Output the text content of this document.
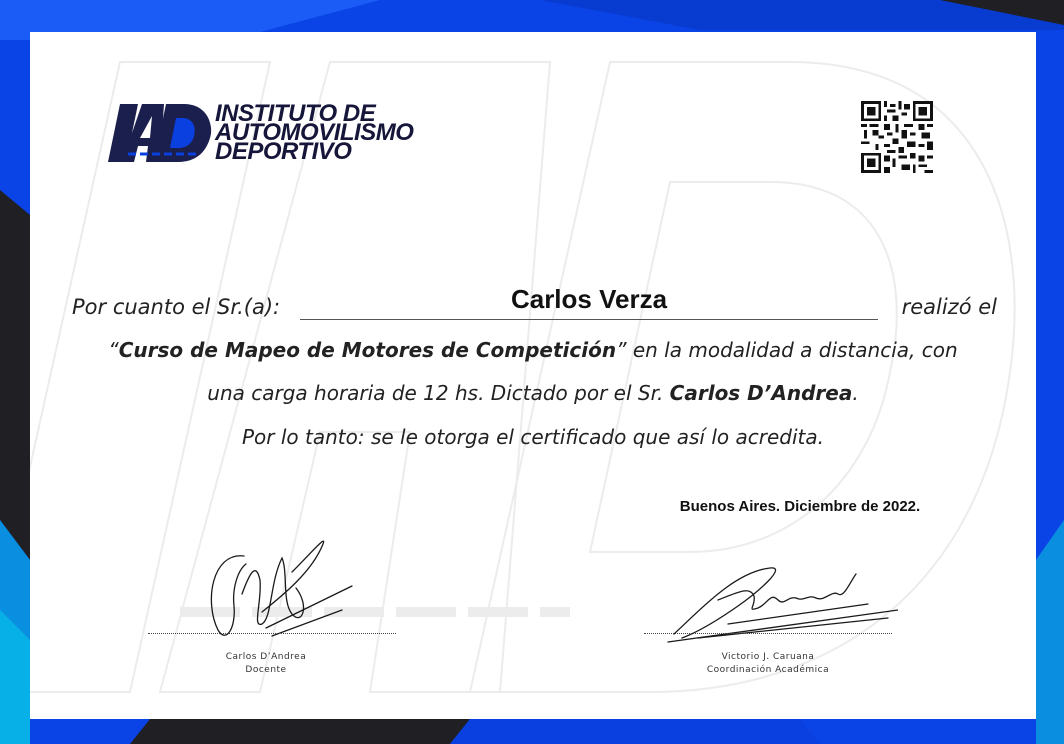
INSTITUTO DE
AUTOMOVILISMO
DEPORTIVO
Por cuanto el Sr.(a):	Carlos Verza	realizó el
“Curso de Mapeo de Motores de Competición” en la modalidad a distancia, con
una carga horaria de 12 hs. Dictado por el Sr. Carlos D’Andrea.
Por lo tanto: se le otorga el certificado que así lo acredita.
Buenos Aires. Diciembre de 2022.
Carlos D’Andrea
Docente
Victorio J. Caruana
Coordinación Académica
